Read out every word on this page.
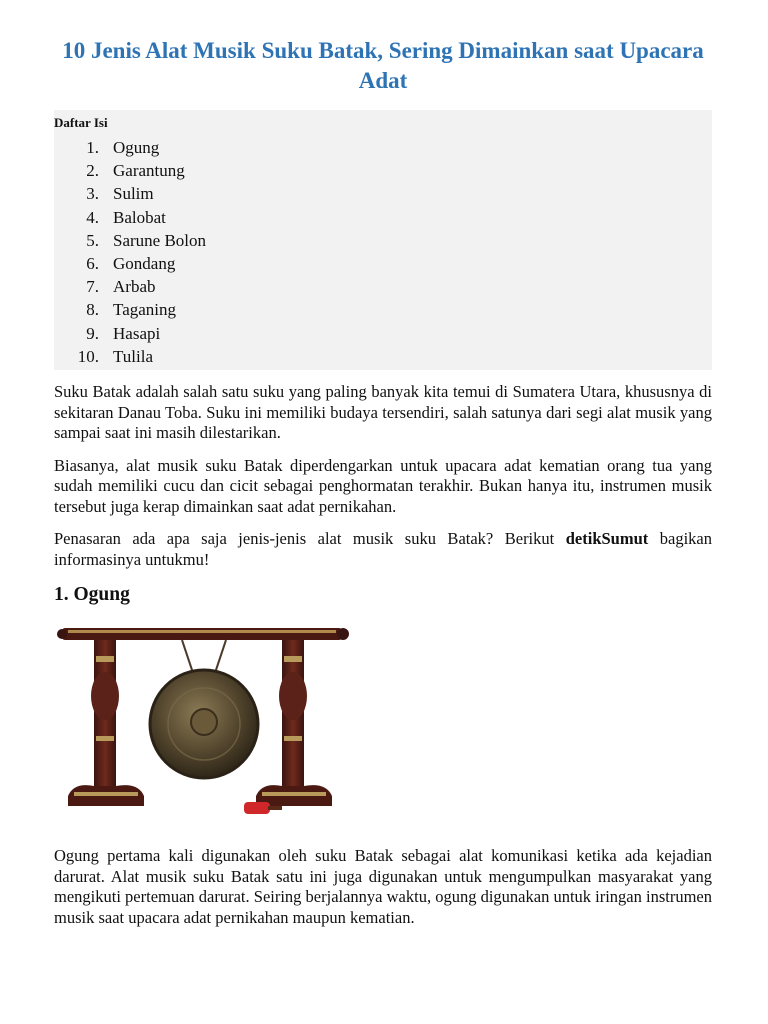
10 Jenis Alat Musik Suku Batak, Sering Dimainkan saat Upacara Adat
Daftar Isi
1. Ogung
2. Garantung
3. Sulim
4. Balobat
5. Sarune Bolon
6. Gondang
7. Arbab
8. Taganing
9. Hasapi
10. Tulila

Suku Batak adalah salah satu suku yang paling banyak kita temui di Sumatera Utara, khususnya di sekitaran Danau Toba. Suku ini memiliki budaya tersendiri, salah satunya dari segi alat musik yang sampai saat ini masih dilestarikan.

Biasanya, alat musik suku Batak diperdengarkan untuk upacara adat kematian orang tua yang sudah memiliki cucu dan cicit sebagai penghormatan terakhir. Bukan hanya itu, instrumen musik tersebut juga kerap dimainkan saat adat pernikahan.

Penasaran ada apa saja jenis-jenis alat musik suku Batak? Berikut detikSumut bagikan informasinya untukmu!

1. Ogung

Ogung pertama kali digunakan oleh suku Batak sebagai alat komunikasi ketika ada kejadian darurat. Alat musik suku Batak satu ini juga digunakan untuk mengumpulkan masyarakat yang mengikuti pertemuan darurat. Seiring berjalannya waktu, ogung digunakan untuk iringan instrumen musik saat upacara adat pernikahan maupun kematian.
